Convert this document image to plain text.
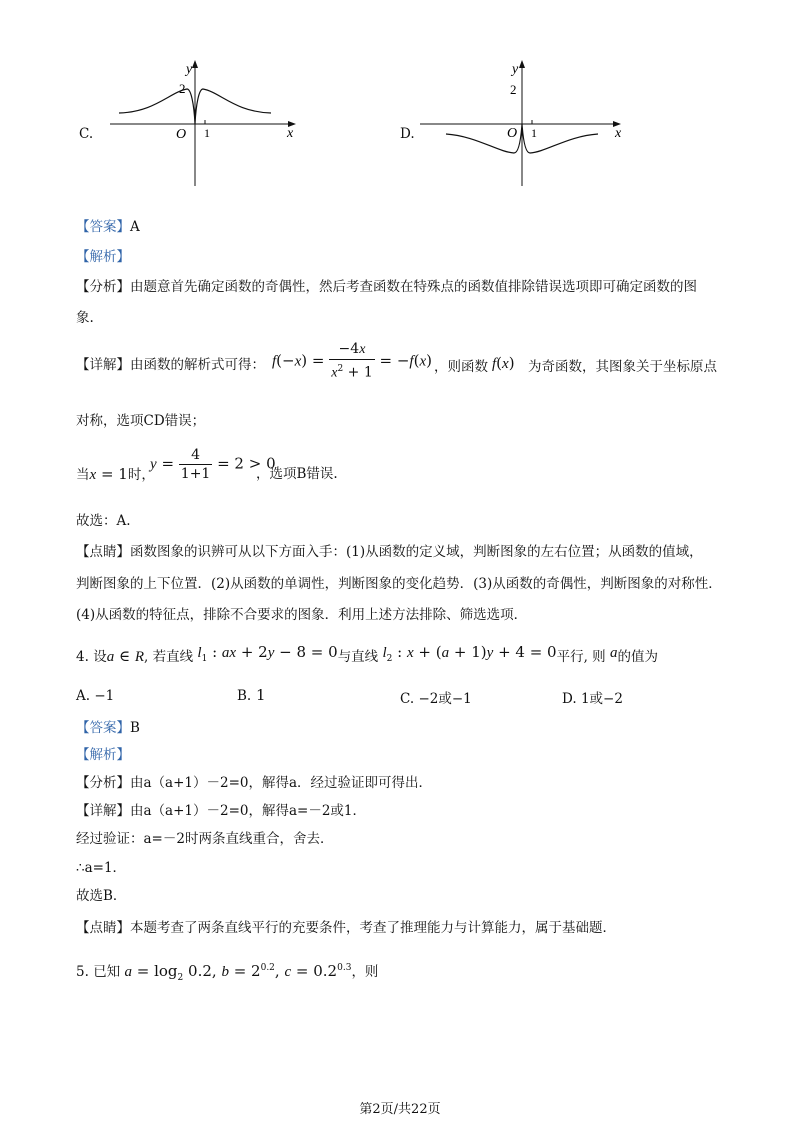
C.
y
2
O 1	x	D.
y
2
O 1	x
【答案】A
【解析】
【分析】由题意首先确定函数的奇偶性，然后考查函数在特殊点的函数值排除错误选项即可确定函数的图
象.
【详解】由函数的解析式可得： $f(-x) = \frac{-4x}{x^2 + 1} = -f(x)$ ，则函数 f(x) 为奇函数，其图象关于坐标原点
对称，选项CD错误；
当x = 1时，
$y = \frac{4}{1+1} = 2 > 0$
，选项B错误.
故选：A.
【点睛】函数图象的识辨可从以下方面入手：(1)从函数的定义域，判断图象的左右位置；从函数的值域，
判断图象的上下位置．(2)从函数的单调性，判断图象的变化趋势．(3)从函数的奇偶性，判断图象的对称性．
(4)从函数的特征点，排除不合要求的图象．利用上述方法排除、筛选选项．
4. 设a ∈ R, 若直线 $l_1$ : ax + 2y − 8 = 0与直线 $l_2$ : x + (a + 1)y + 4 = 0平行, 则 a的值为
A. −1	B. 1	C. −2或−1	D. 1或−2
【答案】B
【解析】
【分析】由a（a+1）－2=0，解得a．经过验证即可得出．
【详解】由a（a+1）－2=0，解得a=－2或1．
经过验证：a=－2时两条直线重合，舍去．
∴a=1．
故选B．
【点睛】本题考查了两条直线平行的充要条件，考查了推理能力与计算能力，属于基础题．
5. 已知 $a = \log_2 0.2$, $b = 2^{0.2}$, $c = 0.2^{0.3}$，则
第2页/共22页
